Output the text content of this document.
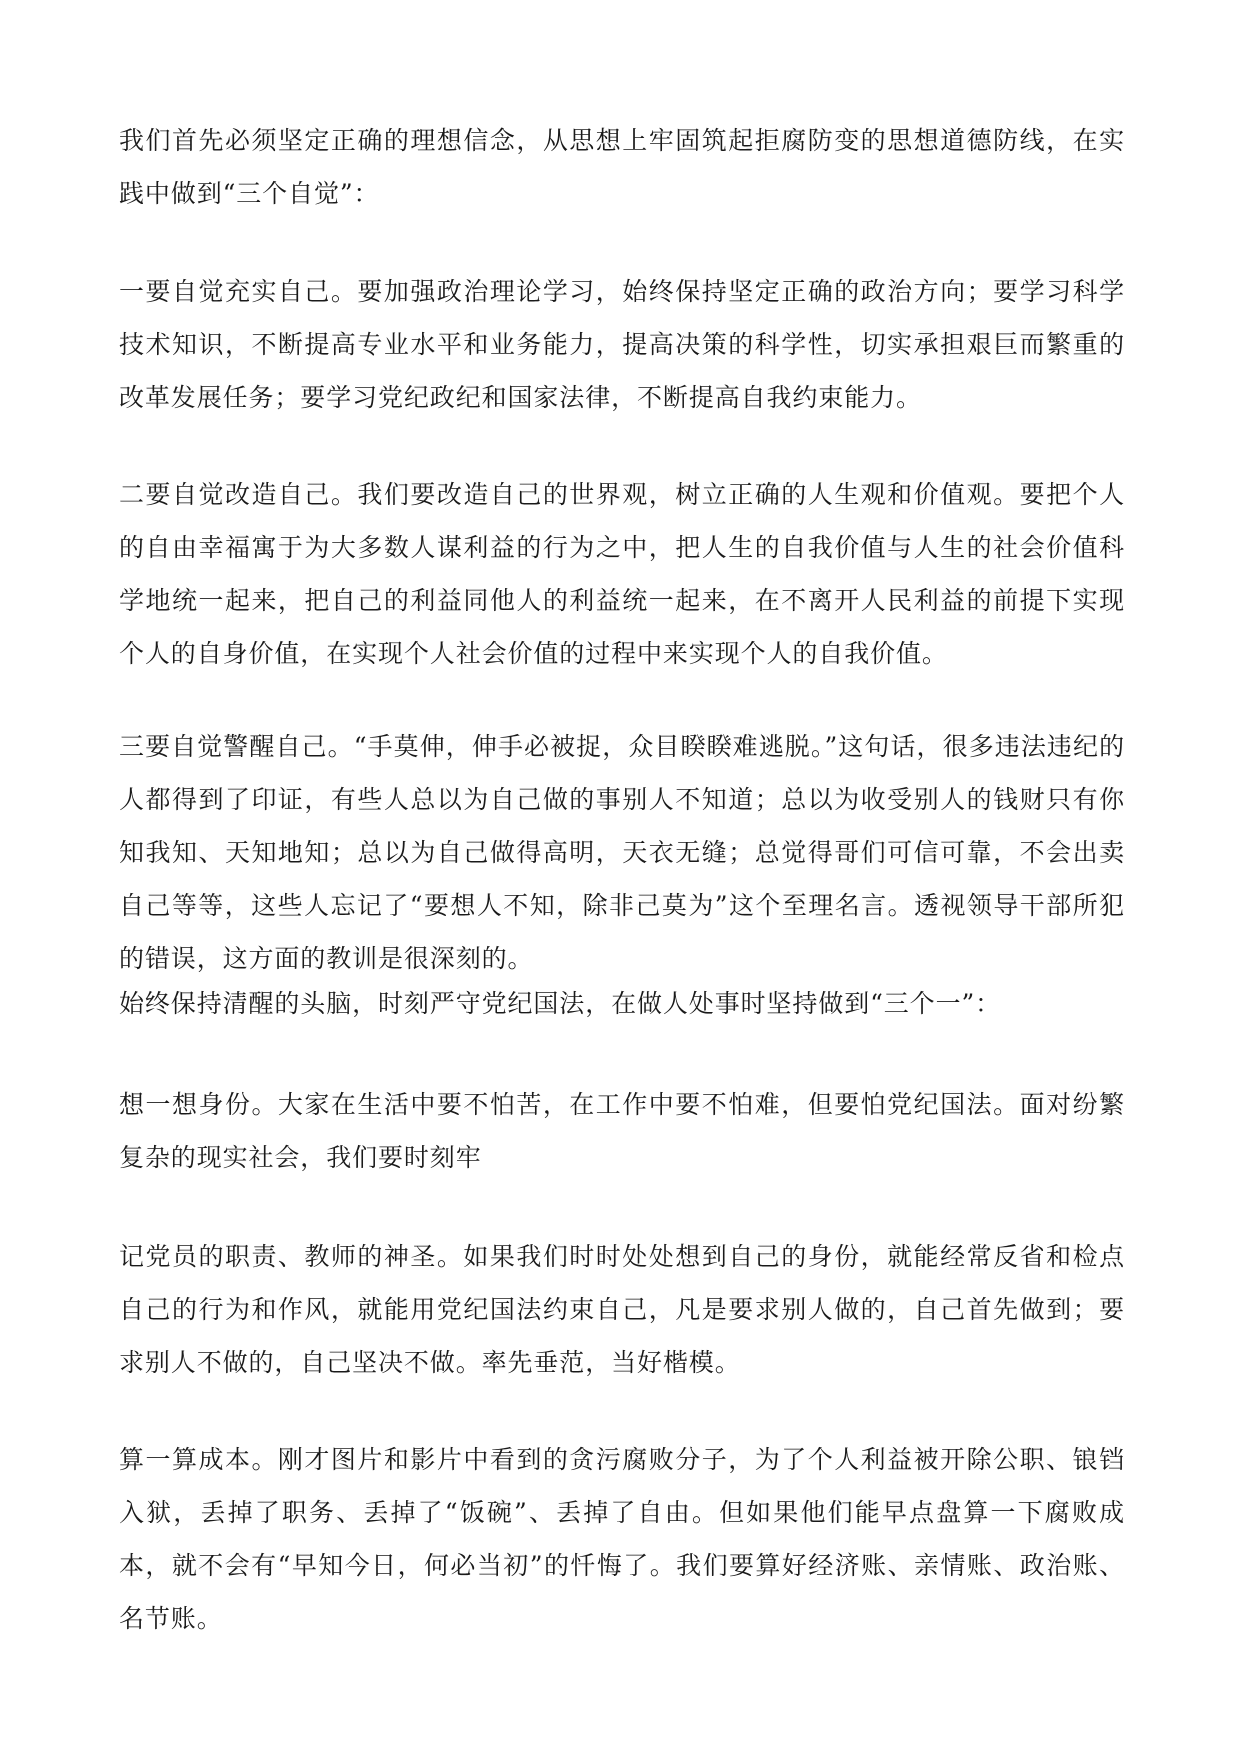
我们首先必须坚定正确的理想信念，从思想上牢固筑起拒腐防变的思想道德防线，在实践中做到“三个自觉”：

一要自觉充实自己。要加强政治理论学习，始终保持坚定正确的政治方向；要学习科学技术知识，不断提高专业水平和业务能力，提高决策的科学性，切实承担艰巨而繁重的改革发展任务；要学习党纪政纪和国家法律，不断提高自我约束能力。

二要自觉改造自己。我们要改造自己的世界观，树立正确的人生观和价值观。要把个人的自由幸福寓于为大多数人谋利益的行为之中，把人生的自我价值与人生的社会价值科学地统一起来，把自己的利益同他人的利益统一起来，在不离开人民利益的前提下实现个人的自身价值，在实现个人社会价值的过程中来实现个人的自我价值。

三要自觉警醒自己。“手莫伸，伸手必被捉，众目睽睽难逃脱。”这句话，很多违法违纪的人都得到了印证，有些人总以为自己做的事别人不知道；总以为收受别人的钱财只有你知我知、天知地知；总以为自己做得高明，天衣无缝；总觉得哥们可信可靠，不会出卖自己等等，这些人忘记了“要想人不知，除非己莫为”这个至理名言。透视领导干部所犯的错误，这方面的教训是很深刻的。

始终保持清醒的头脑，时刻严守党纪国法，在做人处事时坚持做到“三个一”：

想一想身份。大家在生活中要不怕苦，在工作中要不怕难，但要怕党纪国法。面对纷繁复杂的现实社会，我们要时刻牢

记党员的职责、教师的神圣。如果我们时时处处想到自己的身份，就能经常反省和检点自己的行为和作风，就能用党纪国法约束自己，凡是要求别人做的，自己首先做到；要求别人不做的，自己坚决不做。率先垂范，当好楷模。

算一算成本。刚才图片和影片中看到的贪污腐败分子，为了个人利益被开除公职、锒铛入狱，丢掉了职务、丢掉了“饭碗”、丢掉了自由。但如果他们能早点盘算一下腐败成本，就不会有“早知今日，何必当初”的忏悔了。我们要算好经济账、亲情账、政治账、名节账。
